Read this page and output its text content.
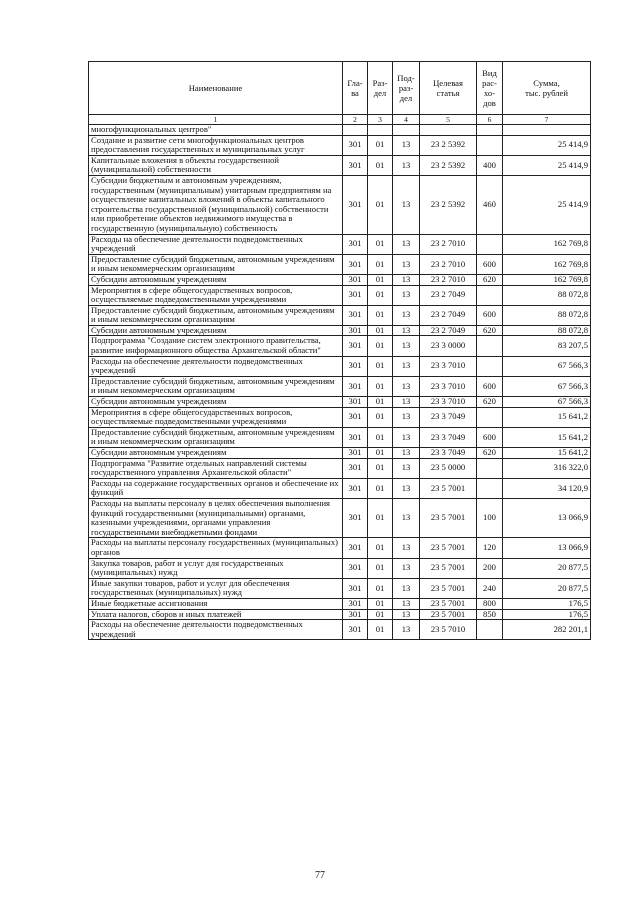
Наименование	Гла-
ва	Раз-
дел	Под-
раз-
дел	Целевая
статья	Вид
рас-
хо-
дов	Сумма,
тыс. рублей
1	2	3	4	5	6	7
многофункциональных центров"						
Создание и развитие сети многофункциональных центров предоставления государственных и муниципальных услуг	301	01	13	23 2 5392		25 414,9
Капитальные вложения в объекты государственной (муниципальной) собственности	301	01	13	23 2 5392	400	25 414,9
Субсидии бюджетным и автономным учреждениям, государственным (муниципальным) унитарным предприятиям на осуществление капитальных вложений в объекты капитального строительства государственной (муниципальной) собственности или приобретение объектов недвижимого имущества в государственную (муниципальную) собственность	301	01	13	23 2 5392	460	25 414,9
Расходы на обеспечение деятельности подведомственных учреждений	301	01	13	23 2 7010		162 769,8
Предоставление субсидий бюджетным, автономным учреждениям и иным некоммерческим организациям	301	01	13	23 2 7010	600	162 769,8
Субсидии автономным учреждениям	301	01	13	23 2 7010	620	162 769,8
Мероприятия в сфере общегосударственных вопросов, осуществляемые подведомственными учреждениями	301	01	13	23 2 7049		88 072,8
Предоставление субсидий бюджетным, автономным учреждениям и иным некоммерческим организациям	301	01	13	23 2 7049	600	88 072,8
Субсидии автономным учреждениям	301	01	13	23 2 7049	620	88 072,8
Подпрограмма "Создание систем электронного правительства, развитие информационного общества Архангельской области"	301	01	13	23 3 0000		83 207,5
Расходы на обеспечение деятельности подведомственных учреждений	301	01	13	23 3 7010		67 566,3
Предоставление субсидий бюджетным, автономным учреждениям и иным некоммерческим организациям	301	01	13	23 3 7010	600	67 566,3
Субсидии автономным учреждениям	301	01	13	23 3 7010	620	67 566,3
Мероприятия в сфере общегосударственных вопросов, осуществляемые подведомственными учреждениями	301	01	13	23 3 7049		15 641,2
Предоставление субсидий бюджетным, автономным учреждениям и иным некоммерческим организациям	301	01	13	23 3 7049	600	15 641,2
Субсидии автономным учреждениям	301	01	13	23 3 7049	620	15 641,2
Подпрограмма "Развитие отдельных направлений системы государственного управления Архангельской области"	301	01	13	23 5 0000		316 322,0
Расходы на содержание государственных органов и обеспечение их функций	301	01	13	23 5 7001		34 120,9
Расходы на выплаты персоналу в целях обеспечения выполнения функций государственными (муниципальными) органами, казенными учреждениями, органами управления государственными внебюджетными фондами	301	01	13	23 5 7001	100	13 066,9
Расходы на выплаты персоналу государственных (муниципальных) органов	301	01	13	23 5 7001	120	13 066,9
Закупка товаров, работ и услуг для государственных (муниципальных) нужд	301	01	13	23 5 7001	200	20 877,5
Иные закупки товаров, работ и услуг для обеспечения государственных (муниципальных) нужд	301	01	13	23 5 7001	240	20 877,5
Иные бюджетные ассигнования	301	01	13	23 5 7001	800	176,5
Уплата налогов, сборов и иных платежей	301	01	13	23 5 7001	850	176,5
Расходы на обеспечение деятельности подведомственных учреждений	301	01	13	23 5 7010		282 201,1
77
